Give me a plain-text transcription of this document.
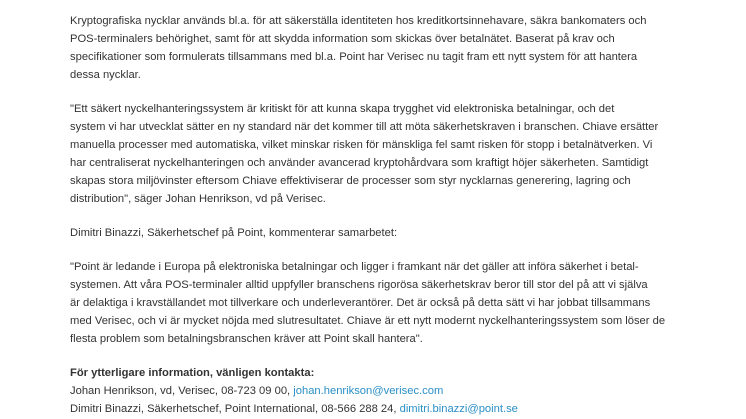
Kryptografiska nycklar används bl.a. för att säkerställa identiteten hos kreditkortsinnehavare, säkra bankomaters och
POS-terminalers behörighet, samt för att skydda information som skickas över betalnätet. Baserat på krav och
specifikationer som formulerats tillsammans med bl.a. Point har Verisec nu tagit fram ett nytt system för att hantera
dessa nycklar.

"Ett säkert nyckelhanteringssystem är kritiskt för att kunna skapa trygghet vid elektroniska betalningar, och det
system vi har utvecklat sätter en ny standard när det kommer till att möta säkerhetskraven i branschen. Chiave ersätter
manuella processer med automatiska, vilket minskar risken för mänskliga fel samt risken för stopp i betalnätverken. Vi
har centraliserat nyckelhanteringen och använder avancerad kryptohårdvara som kraftigt höjer säkerheten. Samtidigt
skapas stora miljövinster eftersom Chiave effektiviserar de processer som styr nycklarnas generering, lagring och
distribution", säger Johan Henrikson, vd på Verisec.

Dimitri Binazzi, Säkerhetschef på Point, kommenterar samarbetet:

"Point är ledande i Europa på elektroniska betalningar och ligger i framkant när det gäller att införa säkerhet i betal-
systemen. Att våra POS-terminaler alltid uppfyller branschens rigorösa säkerhetskrav beror till stor del på att vi själva
är delaktiga i kravställandet mot tillverkare och underleverantörer. Det är också på detta sätt vi har jobbat tillsammans
med Verisec, och vi är mycket nöjda med slutresultatet. Chiave är ett nytt modernt nyckelhanteringssystem som löser de
flesta problem som betalningsbranschen kräver att Point skall hantera".

För ytterligare information, vänligen kontakta:
Johan Henrikson, vd, Verisec, 08-723 09 00, johan.henrikson@verisec.com
Dimitri Binazzi, Säkerhetschef, Point International, 08-566 288 24, dimitri.binazzi@point.se
